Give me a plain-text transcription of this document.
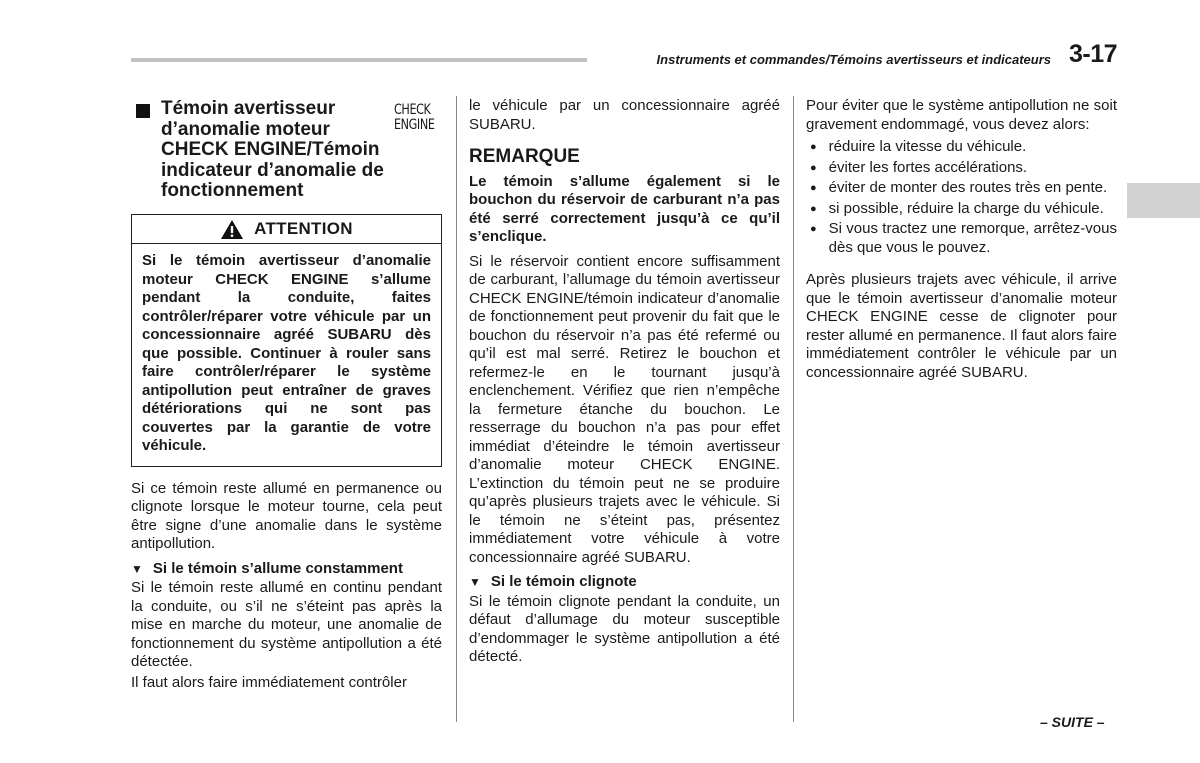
Instruments et commandes/Témoins avertisseurs et indicateurs 3-17
Témoin avertisseur d’anomalie moteur CHECK ENGINE/Témoin indicateur d’anomalie de fonctionnement
CHECK
ENGINE
ATTENTION

Si le témoin avertisseur d’anomalie moteur CHECK ENGINE s’allume pendant la conduite, faites contrôler/réparer votre véhicule par un concessionnaire agréé SUBARU dès que possible. Continuer à rouler sans faire contrôler/réparer le système antipollution peut entraîner de graves détériorations qui ne sont pas couvertes par la garantie de votre véhicule.

Si ce témoin reste allumé en permanence ou clignote lorsque le moteur tourne, cela peut être signe d’une anomalie dans le système antipollution.

▼ Si le témoin s’allume constamment

Si le témoin reste allumé en continu pendant la conduite, ou s’il ne s’éteint pas après la mise en marche du moteur, une anomalie de fonctionnement du système antipollution a été détectée.

Il faut alors faire immédiatement contrôler

le véhicule par un concessionnaire agréé SUBARU.

REMARQUE

Le témoin s’allume également si le bouchon du réservoir de carburant n’a pas été serré correctement jusqu’à ce qu’il s’enclique.

Si le réservoir contient encore suffisamment de carburant, l’allumage du témoin avertisseur CHECK ENGINE/témoin indicateur d’anomalie de fonctionnement peut provenir du fait que le bouchon du réservoir n’a pas été refermé ou qu’il est mal serré. Retirez le bouchon et refermez-le en le tournant jusqu’à enclenchement. Vérifiez que rien n’empêche la fermeture étanche du bouchon. Le resserrage du bouchon n’a pas pour effet immédiat d’éteindre le témoin avertisseur d’anomalie moteur CHECK ENGINE. L’extinction du témoin peut ne se produire qu’après plusieurs trajets avec le véhicule. Si le témoin ne s’éteint pas, présentez immédiatement votre véhicule à votre concessionnaire agréé SUBARU.

▼ Si le témoin clignote

Si le témoin clignote pendant la conduite, un défaut d’allumage du moteur susceptible d’endommager le système antipollution a été détecté.

Pour éviter que le système antipollution ne soit gravement endommagé, vous devez alors:

● réduire la vitesse du véhicule.
● éviter les fortes accélérations.
● éviter de monter des routes très en pente.
● si possible, réduire la charge du véhicule.
● Si vous tractez une remorque, arrêtez-vous dès que vous le pouvez.

Après plusieurs trajets avec véhicule, il arrive que le témoin avertisseur d’anomalie moteur CHECK ENGINE cesse de clignoter pour rester allumé en permanence. Il faut alors faire immédiatement contrôler le véhicule par un concessionnaire agréé SUBARU.

– SUITE –
